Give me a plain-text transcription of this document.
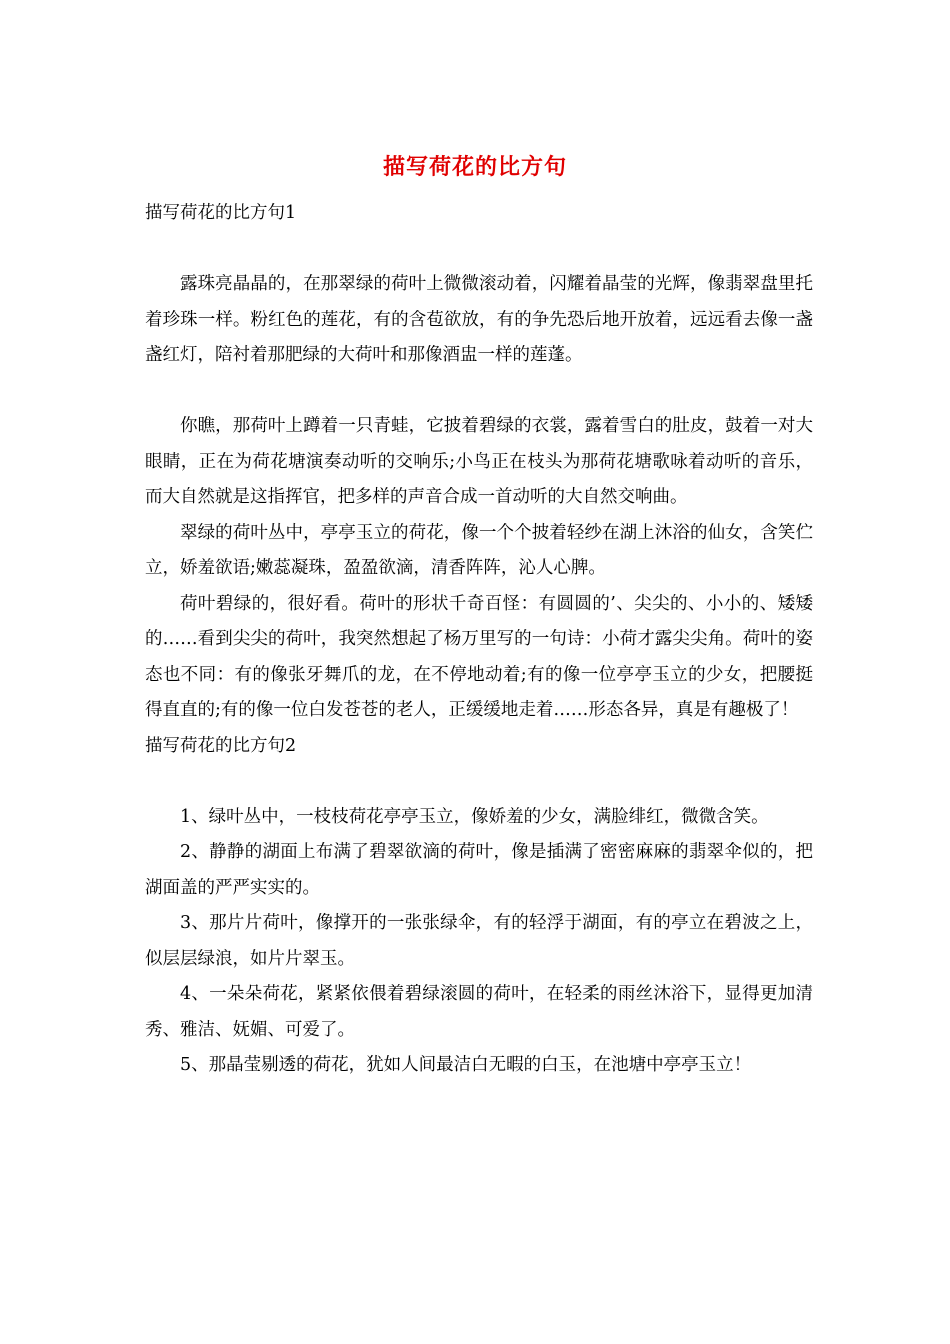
描写荷花的比方句

描写荷花的比方句1

露珠亮晶晶的，在那翠绿的荷叶上微微滚动着，闪耀着晶莹的光辉，像翡翠盘里托着珍珠一样。粉红色的莲花，有的含苞欲放，有的争先恐后地开放着，远远看去像一盏盏红灯，陪衬着那肥绿的大荷叶和那像酒盅一样的莲蓬。

你瞧，那荷叶上蹲着一只青蛙，它披着碧绿的衣裳，露着雪白的肚皮，鼓着一对大眼睛，正在为荷花塘演奏动听的交响乐;小鸟正在枝头为那荷花塘歌咏着动听的音乐，而大自然就是这指挥官，把多样的声音合成一首动听的大自然交响曲。

翠绿的荷叶丛中，亭亭玉立的荷花，像一个个披着轻纱在湖上沐浴的仙女，含笑伫立，娇羞欲语;嫩蕊凝珠，盈盈欲滴，清香阵阵，沁人心脾。

荷叶碧绿的，很好看。荷叶的形状千奇百怪：有圆圆的’、尖尖的、小小的、矮矮的……看到尖尖的荷叶，我突然想起了杨万里写的一句诗：小荷才露尖尖角。荷叶的姿态也不同：有的像张牙舞爪的龙，在不停地动着;有的像一位亭亭玉立的少女，把腰挺得直直的;有的像一位白发苍苍的老人，正缓缓地走着……形态各异，真是有趣极了！

描写荷花的比方句2

1、绿叶丛中，一枝枝荷花亭亭玉立，像娇羞的少女，满脸绯红，微微含笑。

2、静静的湖面上布满了碧翠欲滴的荷叶，像是插满了密密麻麻的翡翠伞似的，把湖面盖的严严实实的。

3、那片片荷叶，像撑开的一张张绿伞，有的轻浮于湖面，有的亭立在碧波之上，似层层绿浪，如片片翠玉。

4、一朵朵荷花，紧紧依偎着碧绿滚圆的荷叶，在轻柔的雨丝沐浴下，显得更加清秀、雅洁、妩媚、可爱了。

5、那晶莹剔透的荷花，犹如人间最洁白无暇的白玉，在池塘中亭亭玉立！
